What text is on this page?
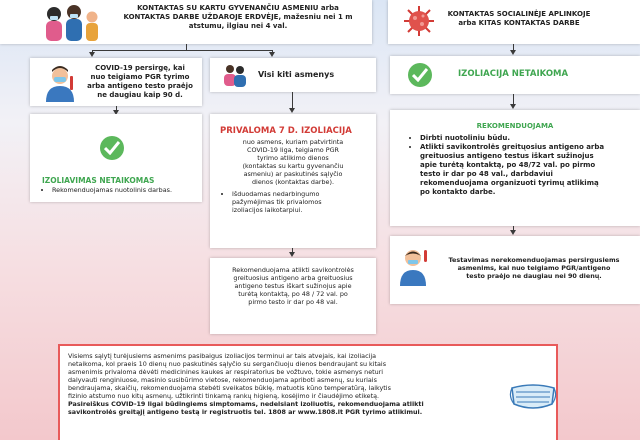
KONTAKTAS SU KARTU GYVENANČIU ASMENIU arba
KONTAKTAS DARBE UŽDAROJE ERDVĖJE, mažesniu nei 1 m
atstumu, ilgiau nei 4 val.
KONTAKTAS SOCIALINĖJE APLINKOJE
arba KITAS KONTAKTAS DARBE
COVID-19 persirgę, kai
nuo teigiamo PGR tyrimo
arba antigeno testo praėjo
ne daugiau kaip 90 d.
Visi kiti asmenys	IZOLIACIJA NETAIKOMA
IZOLIAVIMAS NETAIKOMAS
• Rekomenduojamas nuotolinis darbas.
PRIVALOMA 7 D. IZOLIACIJA
nuo asmens, kuriam patvirtinta
COVID-19 liga, teigiamo PGR
tyrimo atlikimo dienos
(kontaktas su kartu gyvenančiu
asmeniu) ar paskutinės sąlyčio
dienos (kontaktas darbe).
• Išduodamas nedarbingumo
pažymėjimas tik privalomos
izoliacijos laikotarpiui.
REKOMENDUOJAMA
• Dirbti nuotoliniu būdu.
• Atlikti savikontrolės greitųosius antigeno arba
greituosius antigeno testus iškart sužinojus
apie turėtą kontaktą, po 48/72 val. po pirmo
testo ir dar po 48 val., darbdaviui
rekomenduojama organizuoti tyrimų atlikimą
po kontakto darbe.
Rekomenduojama atlikti savikontrolės
greituosius antigeno arba greituosius
antigeno testus iškart sužinojus apie
turėtą kontaktą, po 48 / 72 val. po
pirmo testo ir dar po 48 val.
Testavimas nerekomenduojamas persirgusiems
asmenims, kai nuo teigiamo PGR/antigeno
testo praėjo ne daugiau nei 90 dienų.
Visiems sąlytį turėjusiems asmenims pasibaigus izoliacijos terminui ar tais atvejais, kai izoliacija
netaikoma, kol praeis 10 dienų nuo paskutinės sąlyčio su sergančiuoju dienos bendraujant su kitais
asmenimis privaloma dėvėti medicinines kaukes ar respiratorius be vožtuvo, tokie asmenys neturi
dalyvauti renginiuose, masinio susibūrimo vietose, rekomenduojama apriboti asmenų, su kuriais
bendraujama, skaičių, rekomenduojama stebėti sveikatos būklę, matuotis kūno temperatūrą, laikytis
fizinio atstumo nuo kitų asmenų, užtikrinti tinkamą rankų higieną, kosėjimo ir čiaudėjimo etiketą.
Pasireiškus COVID-19 ligai būdingiems simptomams, nedelsiant izoliuotis, rekomenduojama atlikti
savikontrolės greitąjį antigeno testą ir registruotis tel. 1808 ar www.1808.lt PGR tyrimo atlikimui.
